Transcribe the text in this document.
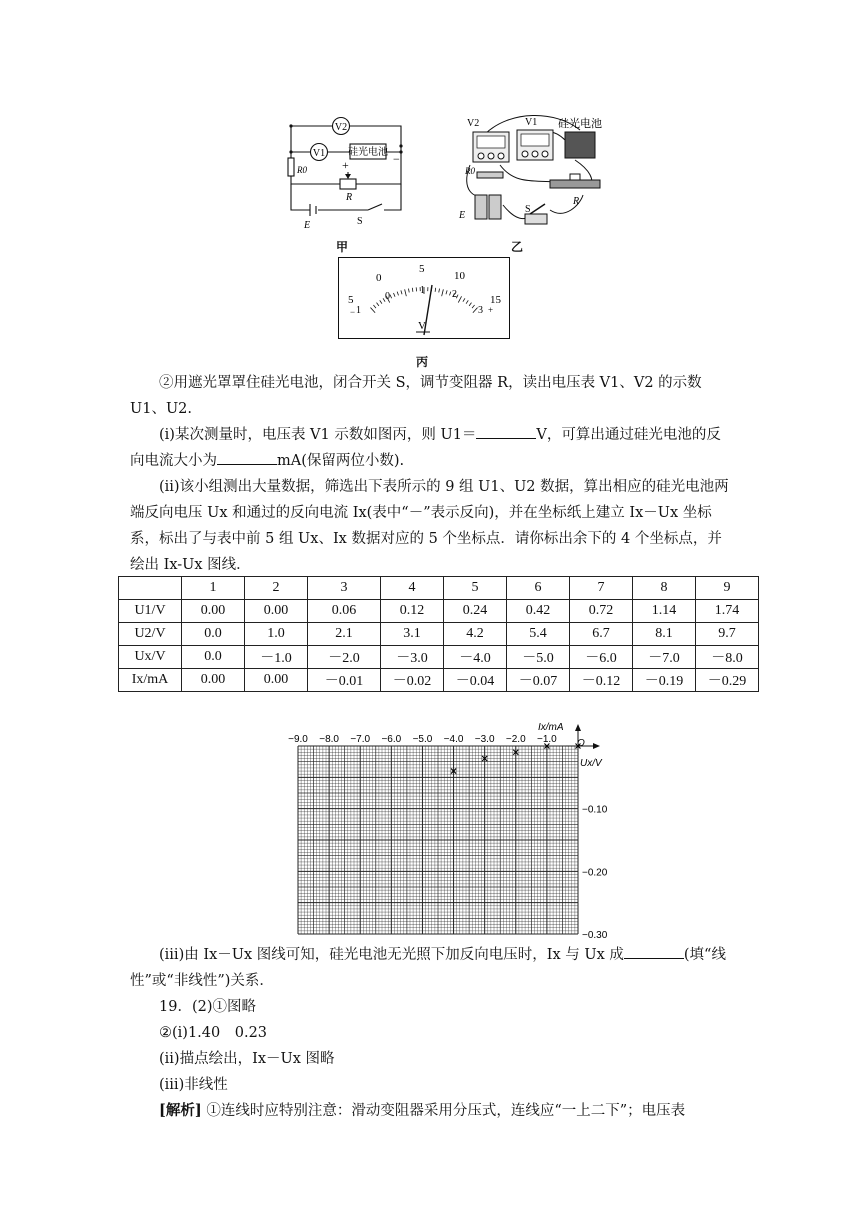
V2
V1 硅光电池
+	−
R0
R
E	S
甲
V2	V1 硅光电池
R0
R
E
S
乙
5
0
5
10
15
1
0
1	2
3 +
−
V
丙
②用遮光罩罩住硅光电池，闭合开关 S，调节变阻器 R，读出电压表 V1、V2 的示数 U1、U2.
(ⅰ)某次测量时，电压表 V1 示数如图丙，则 U1＝	V，可算出通过硅光电池的反向电流大小为	mA(保留两位小数).
(ⅱ)该小组测出大量数据，筛选出下表所示的 9 组 U1、U2 数据，算出相应的硅光电池两端反向电压 Ux 和通过的反向电流 Ix(表中“－”表示反向)，并在坐标纸上建立 Ix－Ux 坐标系，标出了与表中前 5 组 Ux、Ix 数据对应的 5 个坐标点．请你标出余下的 4 个坐标点，并绘出 Ix-Ux 图线．
	1	2	3	4	5	6	7	8	9
U1/V	0.00	0.00	0.06	0.12	0.24	0.42	0.72	1.14	1.74
U2/V	0.0	1.0	2.1	3.1	4.2	5.4	6.7	8.1	9.7
Ux/V	0.0	－1.0	－2.0	－3.0	－4.0	－5.0	－6.0	－7.0	－8.0
Ix/mA	0.00	0.00	－0.01	－0.02	－0.04	－0.07	－0.12	－0.19	－0.29
−9.0 −8.0 −7.0 −6.0 −5.0 −4.0 −3.0 −2.0 −1.0
−0.10
−0.20
−0.30
Ix/mA
Ux/V
O
(ⅲ)由 Ix－Ux 图线可知，硅光电池无光照下加反向电压时，Ix 与 Ux 成	(填“线性”或“非线性”)关系．
19．(2)①图略
②(ⅰ)1.40　0.23
(ⅱ)描点绘出，Ix－Ux 图略
(ⅲ)非线性
[解析] ①连线时应特别注意：滑动变阻器采用分压式，连线应“一上二下”；电压表
